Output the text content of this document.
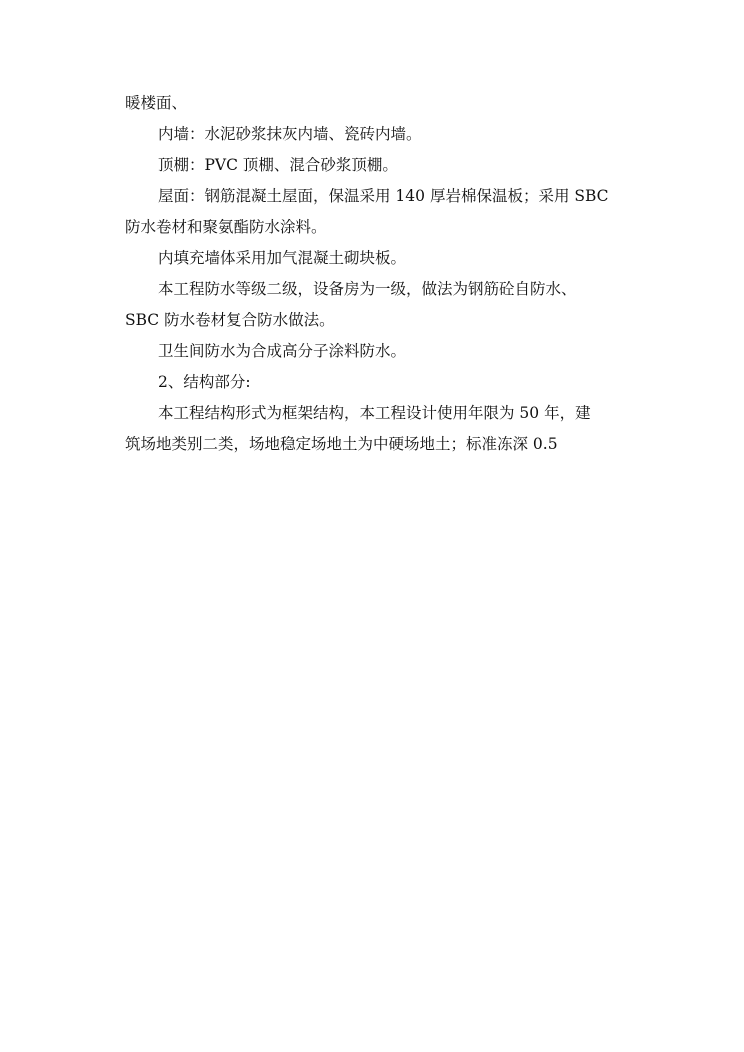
暖楼面、
内墙：水泥砂浆抹灰内墙、瓷砖内墙。
顶棚：PVC 顶棚、混合砂浆顶棚。
屋面：钢筋混凝土屋面，保温采用 140 厚岩棉保温板；采用 SBC
防水卷材和聚氨酯防水涂料。
内填充墙体采用加气混凝土砌块板。
本工程防水等级二级，设备房为一级，做法为钢筋砼自防水、
SBC 防水卷材复合防水做法。
卫生间防水为合成高分子涂料防水。
2、结构部分:
本工程结构形式为框架结构，本工程设计使用年限为 50 年，建
筑场地类别二类，场地稳定场地土为中硬场地土；标准冻深 0.5
